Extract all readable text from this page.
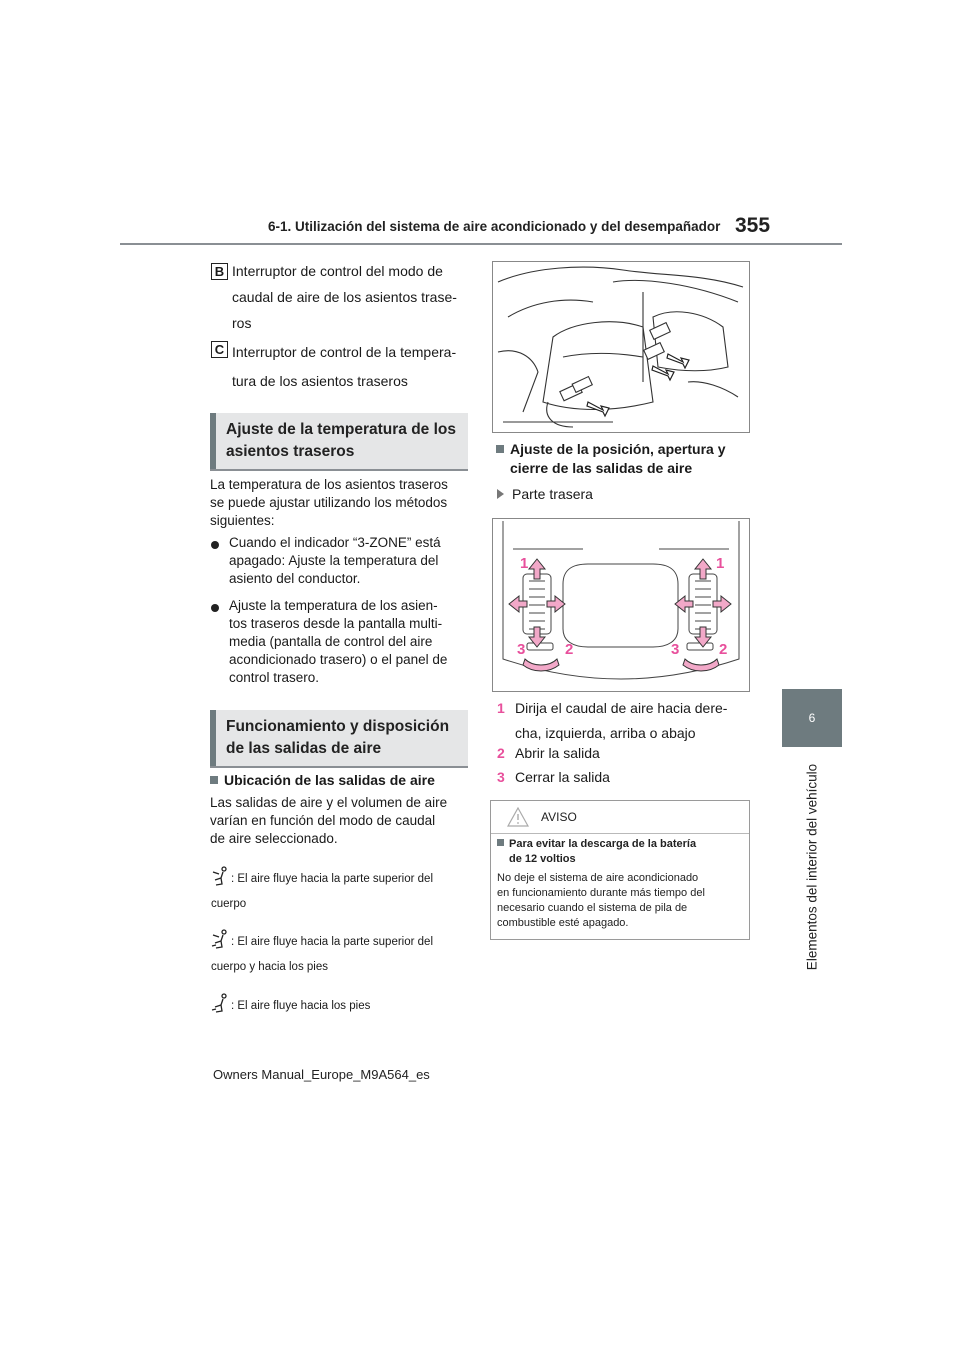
6-1. Utilización del sistema de aire acondicionado y del desempañador 355
6
Elementos del interior del vehículo
B Interruptor de control del modo de
caudal de aire de los asientos trase-
ros
C Interruptor de control de la tempera-
tura de los asientos traseros
Ajuste de la temperatura de los
asientos traseros
La temperatura de los asientos traseros
se puede ajustar utilizando los métodos
siguientes:
Cuando el indicador “3-ZONE” está
apagado: Ajuste la temperatura del
asiento del conductor.
Ajuste la temperatura de los asien-
tos traseros desde la pantalla multi-
media (pantalla de control del aire
acondicionado trasero) o el panel de
control trasero.
Funcionamiento y disposición
de las salidas de aire
Ubicación de las salidas de aire
Las salidas de aire y el volumen de aire
varían en función del modo de caudal
de aire seleccionado.
: El aire fluye hacia la parte superior del
cuerpo
: El aire fluye hacia la parte superior del
cuerpo y hacia los pies
: El aire fluye hacia los pies
Ajuste de la posición, apertura y
cierre de las salidas de aire
Parte trasera
1	1
3	2	3	2
1 Dirija el caudal de aire hacia dere-
cha, izquierda, arriba o abajo
2 Abrir la salida
3 Cerrar la salida
AVISO
Para evitar la descarga de la batería
de 12 voltios
No deje el sistema de aire acondicionado
en funcionamiento durante más tiempo del
necesario cuando el sistema de pila de
combustible esté apagado.
Owners Manual_Europe_M9A564_es
